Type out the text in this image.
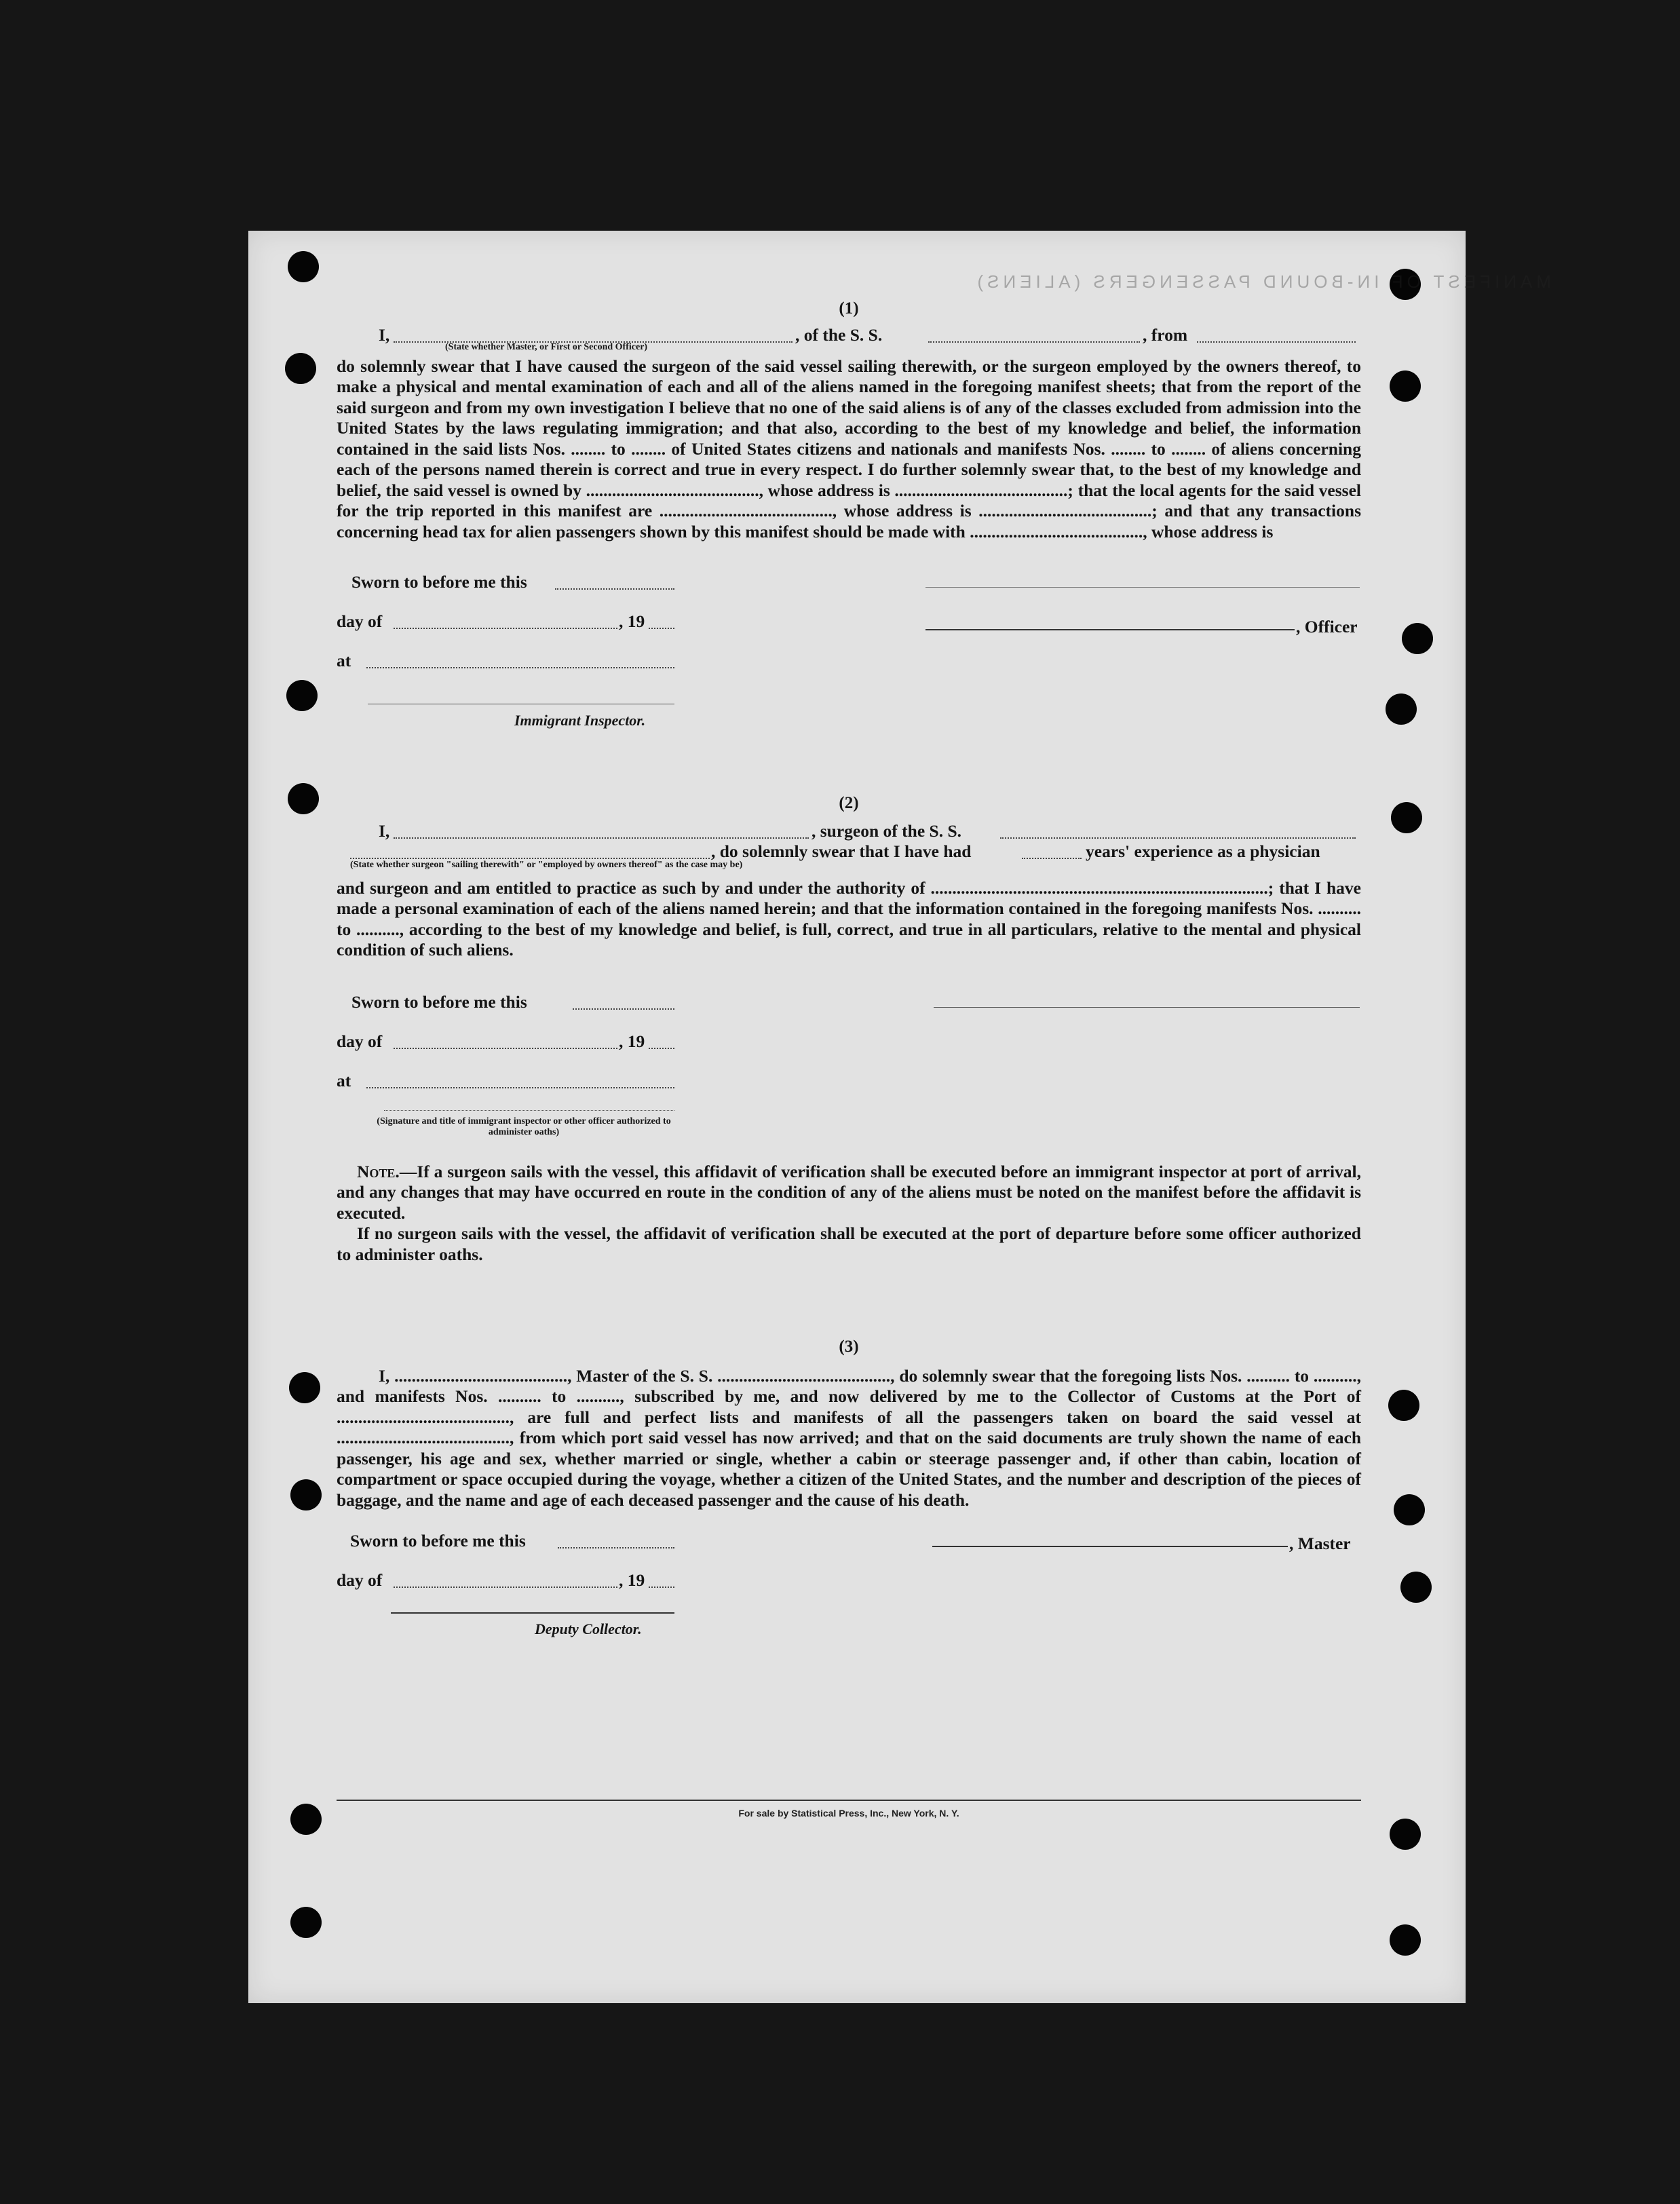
MANIFEST OF IN-BOUND PASSENGERS (ALIENS)

(1)

I,	, of the S. S.	, from
(State whether Master, or First or Second Officer)

do solemnly swear that I have caused the surgeon of the said vessel sailing therewith, or the surgeon employed by the owners thereof, to make a physical and mental examination of each and all of the aliens named in the foregoing manifest sheets; that from the report of the said surgeon and from my own investigation I believe that no one of the said aliens is of any of the classes excluded from admission into the United States by the laws regulating immigration; and that also, according to the best of my knowledge and belief, the information contained in the said lists Nos. ........ to ........ of United States citizens and nationals and manifests Nos. ........ to ........ of aliens concerning each of the persons named therein is correct and true in every respect. I do further solemnly swear that, to the best of my knowledge and belief, the said vessel is owned by ........................................, whose address is ........................................; that the local agents for the said vessel for the trip reported in this manifest are ........................................, whose address is ........................................; and that any transactions concerning head tax for alien passengers shown by this manifest should be made with ........................................, whose address is

Sworn to before me this
day of	, 19	, Officer
at
Immigrant Inspector.

(2)

I,	, surgeon of the S. S.
, do solemnly swear that I have had	years' experience as a physician
(State whether surgeon "sailing therewith" or "employed by owners thereof" as the case may be)

and surgeon and am entitled to practice as such by and under the authority of ..............................................................................; that I have made a personal examination of each of the aliens named herein; and that the information contained in the foregoing manifests Nos. .......... to .........., according to the best of my knowledge and belief, is full, correct, and true in all particulars, relative to the mental and physical condition of such aliens.

Sworn to before me this
day of	, 19
at
(Signature and title of immigrant inspector or other officer authorized to administer oaths)

Note.—If a surgeon sails with the vessel, this affidavit of verification shall be executed before an immigrant inspector at port of arrival, and any changes that may have occurred en route in the condition of any of the aliens must be noted on the manifest before the affidavit is executed.

If no surgeon sails with the vessel, the affidavit of verification shall be executed at the port of departure before some officer authorized to administer oaths.

(3)

I, ........................................, Master of the S. S. ........................................, do solemnly swear that the foregoing lists Nos. .......... to .........., and manifests Nos. .......... to .........., subscribed by me, and now delivered by me to the Collector of Customs at the Port of ........................................, are full and perfect lists and manifests of all the passengers taken on board the said vessel at ........................................, from which port said vessel has now arrived; and that on the said documents are truly shown the name of each passenger, his age and sex, whether married or single, whether a cabin or steerage passenger and, if other than cabin, location of compartment or space occupied during the voyage, whether a citizen of the United States, and the number and description of the pieces of baggage, and the name and age of each deceased passenger and the cause of his death.

Sworn to before me this	, Master
day of	, 19
Deputy Collector.
For sale by Statistical Press, Inc., New York, N. Y.
